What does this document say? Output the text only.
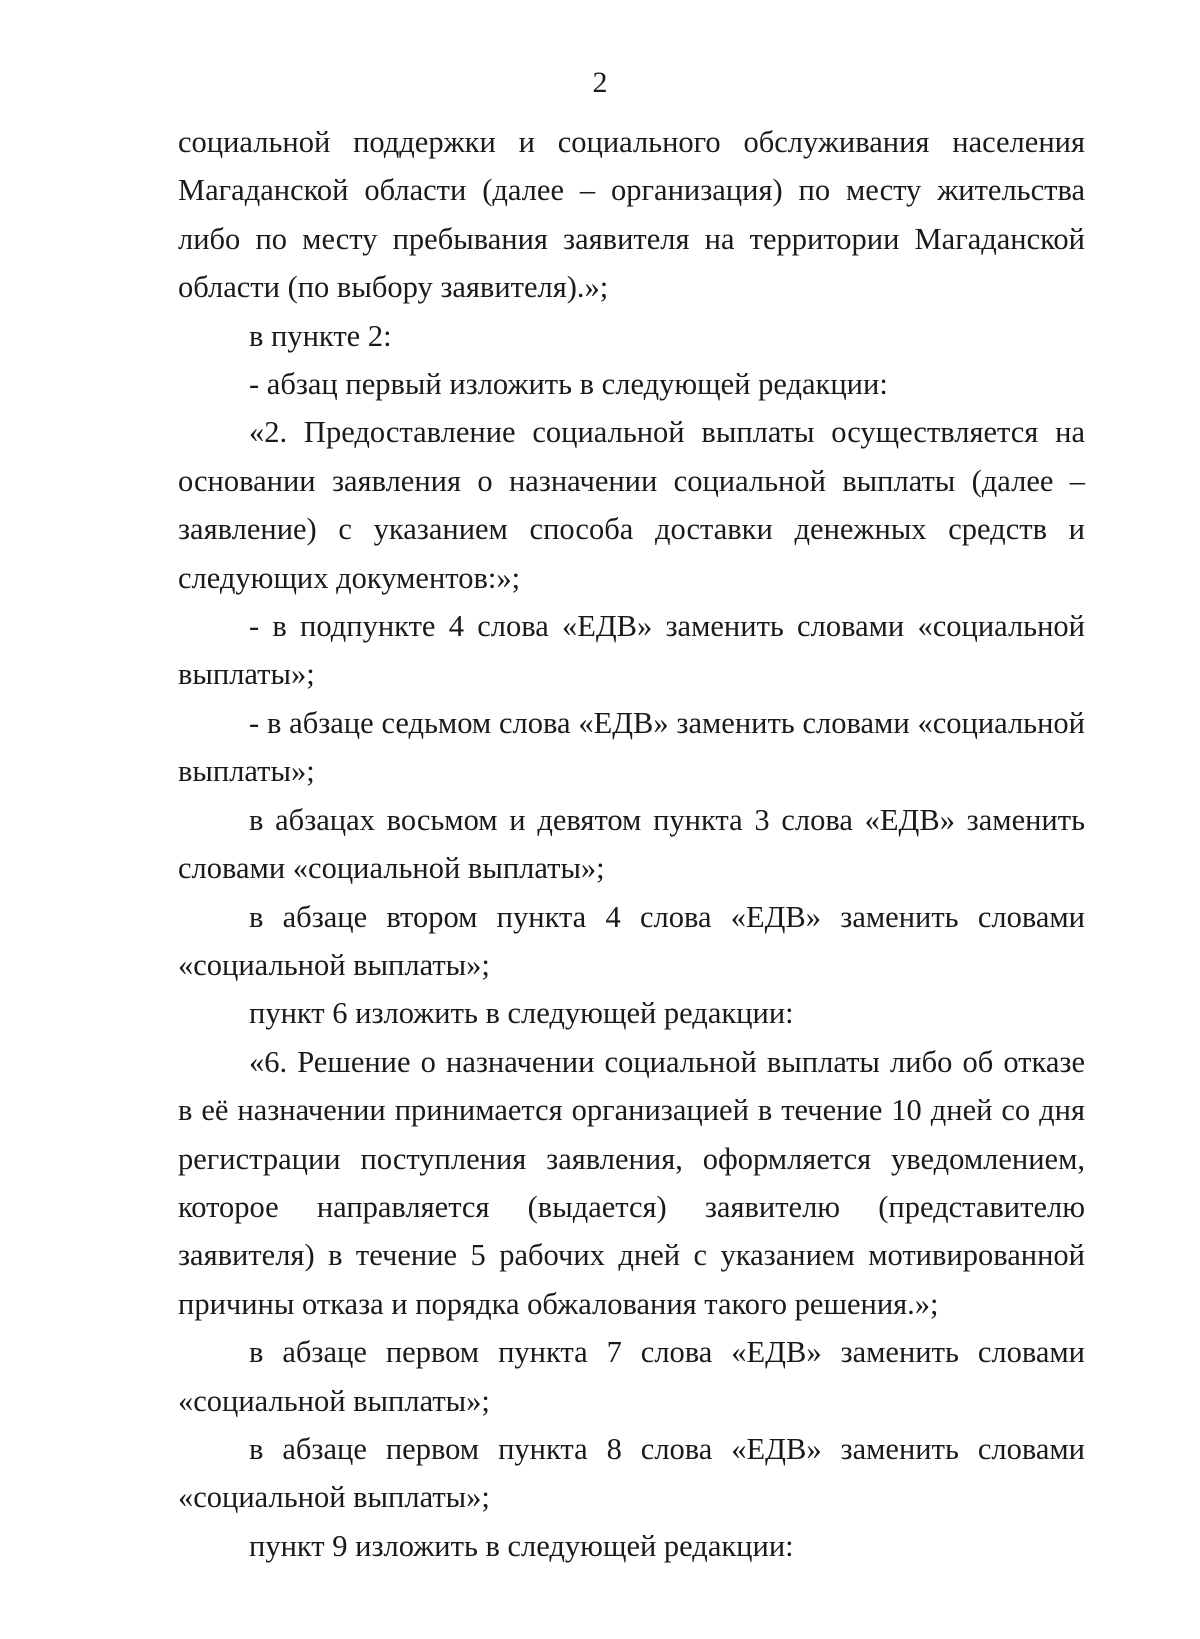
2

социальной поддержки и социального обслуживания населения Магаданской области (далее – организация) по месту жительства либо по месту пребывания заявителя на территории Магаданской области (по выбору заявителя).»;

в пункте 2:

- абзац первый изложить в следующей редакции:

«2. Предоставление социальной выплаты осуществляется на основании заявления о назначении социальной выплаты (далее – заявление) с указанием способа доставки денежных средств и следующих документов:»;

- в подпункте 4 слова «ЕДВ» заменить словами «социальной выплаты»;

- в абзаце седьмом слова «ЕДВ» заменить словами «социальной выплаты»;

в абзацах восьмом и девятом пункта 3 слова «ЕДВ» заменить словами «социальной выплаты»;

в абзаце втором пункта 4 слова «ЕДВ» заменить словами «социальной выплаты»;

пункт 6 изложить в следующей редакции:

«6. Решение о назначении социальной выплаты либо об отказе в её назначении принимается организацией в течение 10 дней со дня регистрации поступления заявления, оформляется уведомлением, которое направляется (выдается) заявителю (представителю заявителя) в течение 5 рабочих дней с указанием мотивированной причины отказа и порядка обжалования такого решения.»;

в абзаце первом пункта 7 слова «ЕДВ» заменить словами «социальной выплаты»;

в абзаце первом пункта 8 слова «ЕДВ» заменить словами «социальной выплаты»;

пункт 9 изложить в следующей редакции:
